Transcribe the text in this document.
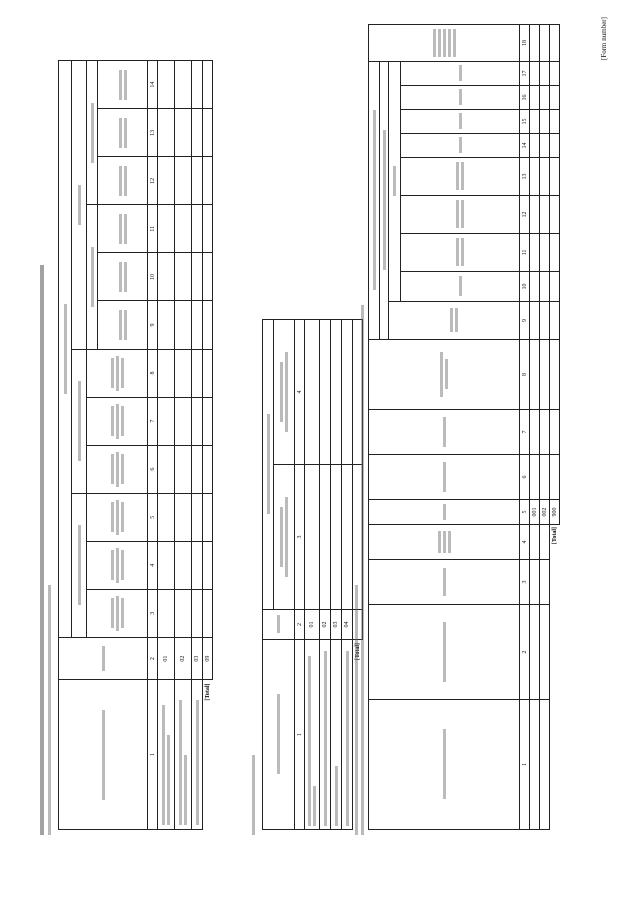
[Form number]

1	2	3	4	5	6	7	8	9	10	11	12	13	14

	01												

	02												

	03												
[Total]	09												

1	2	3	4

	01		

	02		

	03		

	04		
[Total]			

1	2	3	4	5	6	7	8	9	10	11	12	13	14	15	16	17	18
				001													
				002													
			[Total]	900													
